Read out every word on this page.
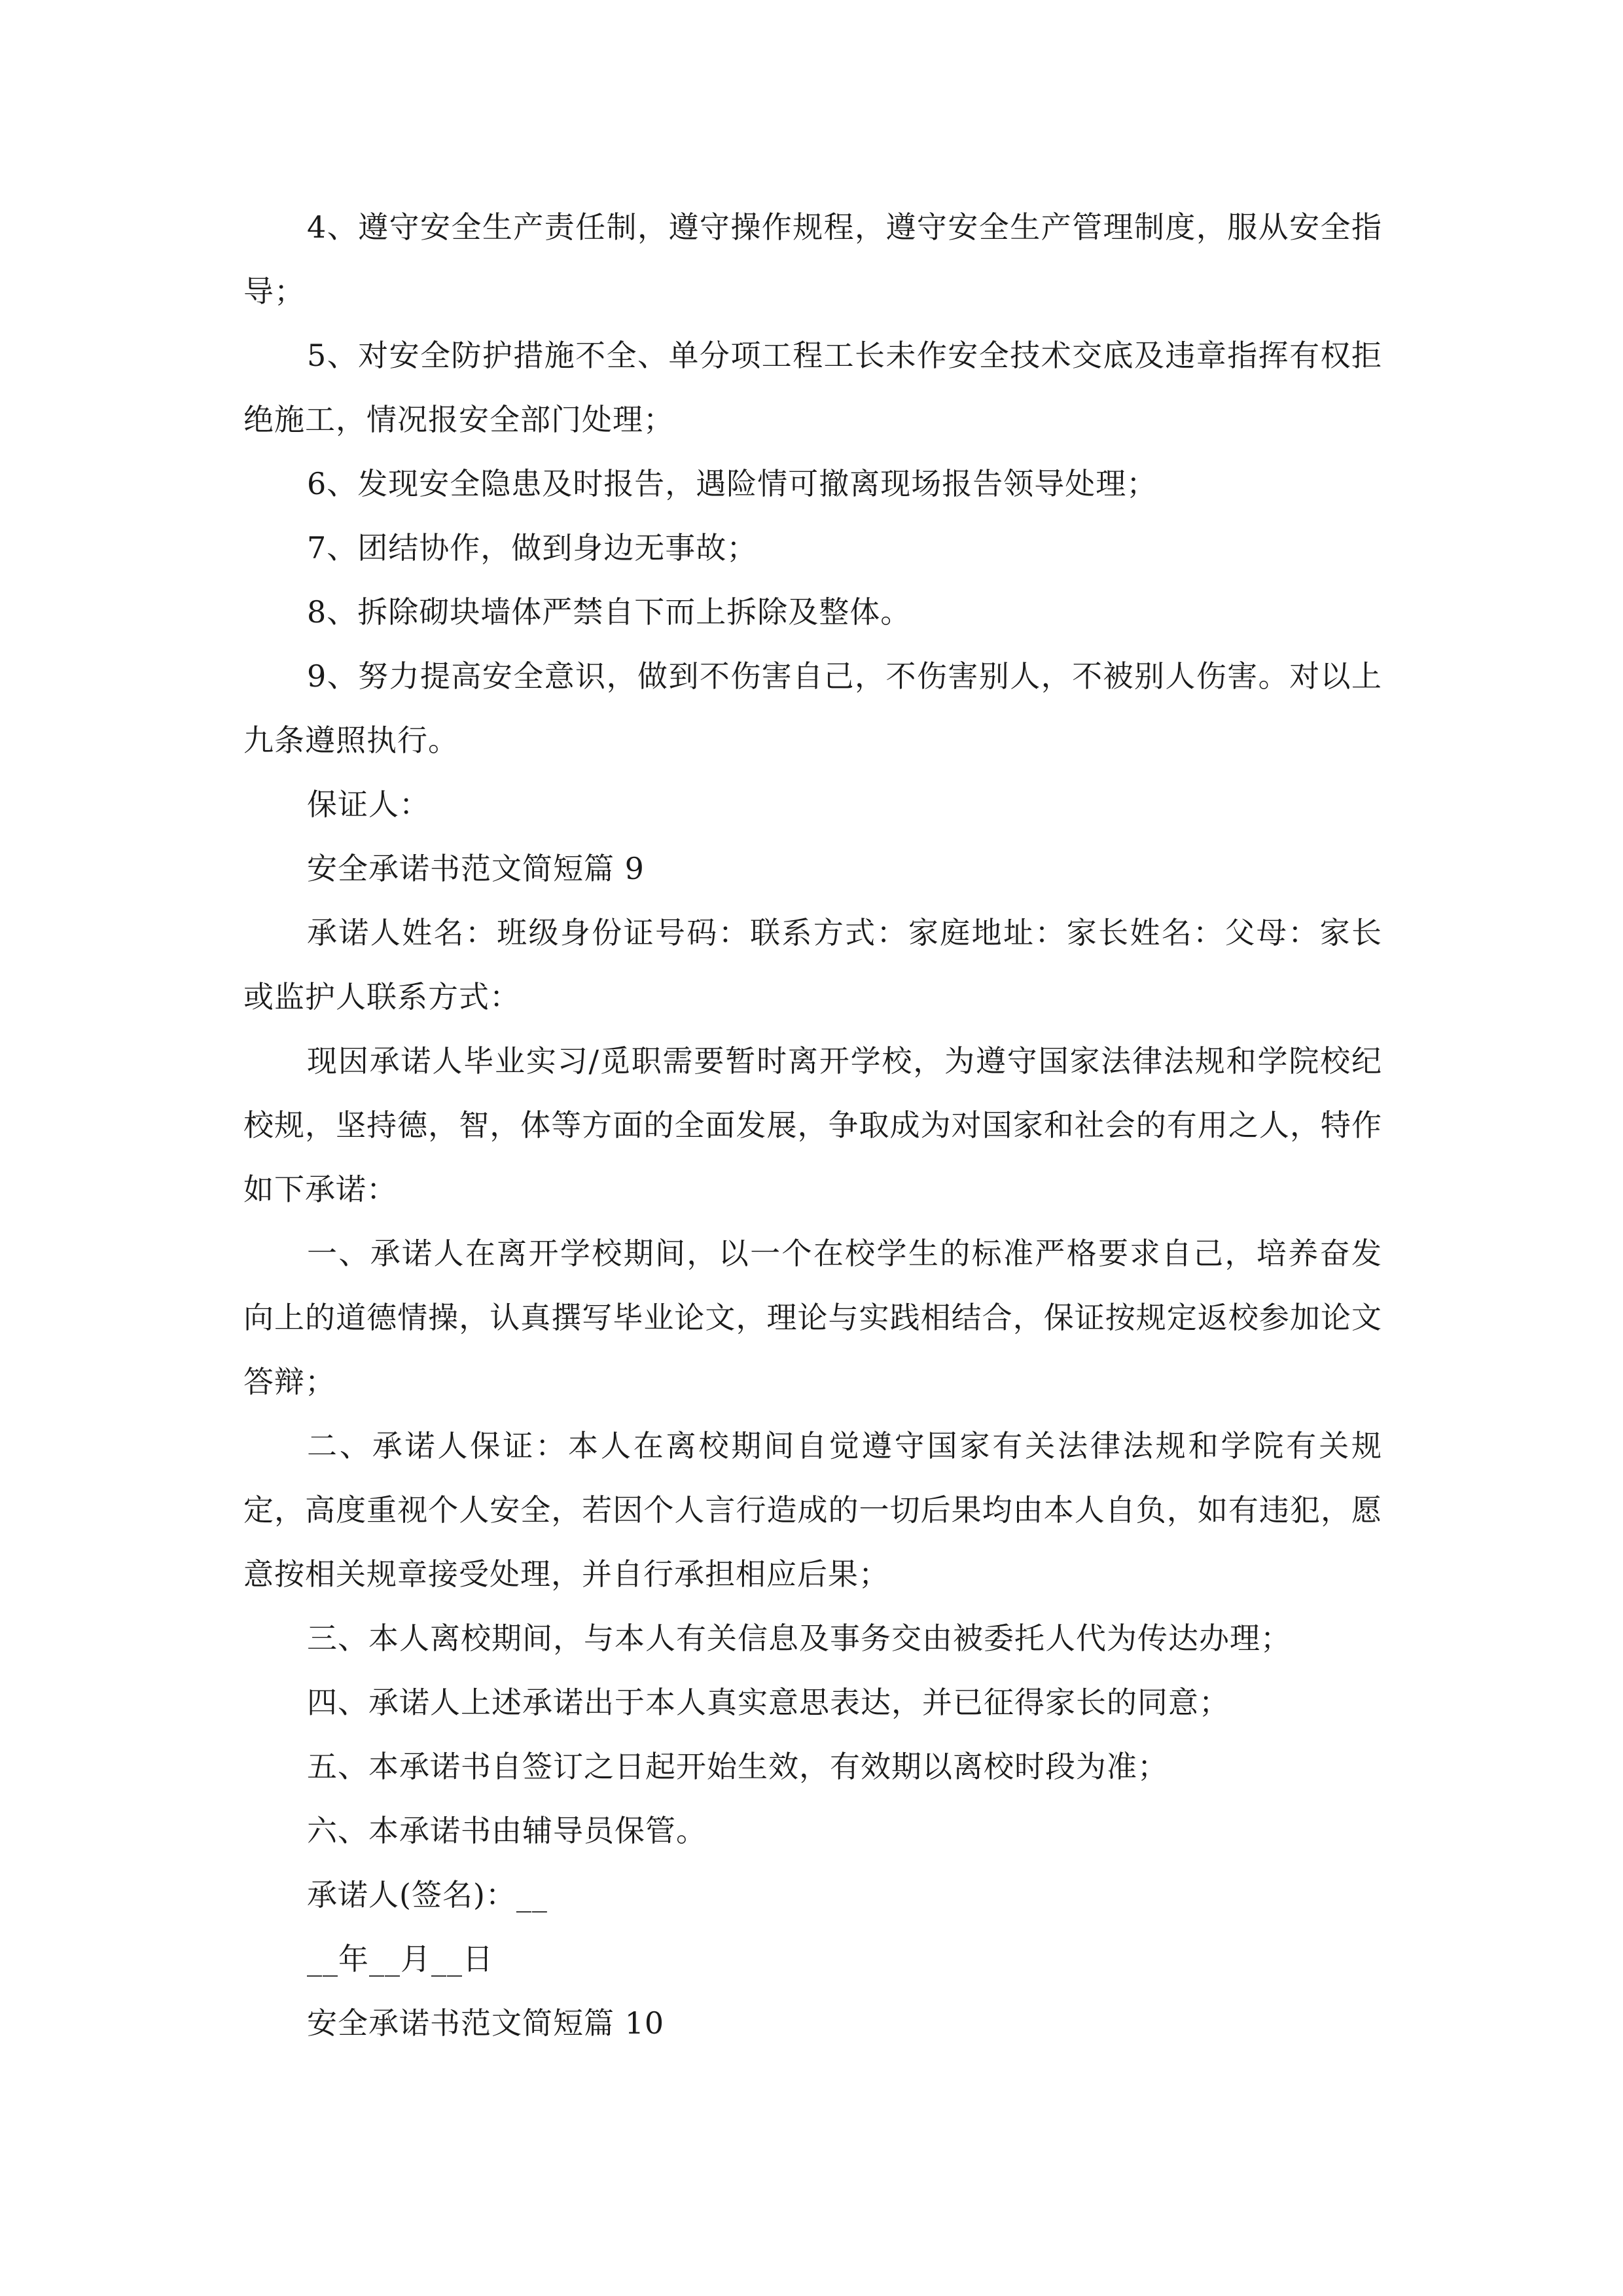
4、遵守安全生产责任制，遵守操作规程，遵守安全生产管理制度，服从安全指导；

5、对安全防护措施不全、单分项工程工长未作安全技术交底及违章指挥有权拒绝施工，情况报安全部门处理；

6、发现安全隐患及时报告，遇险情可撤离现场报告领导处理；

7、团结协作，做到身边无事故；

8、拆除砌块墙体严禁自下而上拆除及整体。

9、努力提高安全意识，做到不伤害自己，不伤害别人，不被别人伤害。对以上九条遵照执行。

保证人：

安全承诺书范文简短篇 9

承诺人姓名：班级身份证号码：联系方式：家庭地址：家长姓名：父母：家长或监护人联系方式：

现因承诺人毕业实习/觅职需要暂时离开学校，为遵守国家法律法规和学院校纪校规，坚持德，智，体等方面的全面发展，争取成为对国家和社会的有用之人，特作如下承诺：

一、承诺人在离开学校期间，以一个在校学生的标准严格要求自己，培养奋发向上的道德情操，认真撰写毕业论文，理论与实践相结合，保证按规定返校参加论文答辩；

二、承诺人保证：本人在离校期间自觉遵守国家有关法律法规和学院有关规定，高度重视个人安全，若因个人言行造成的一切后果均由本人自负，如有违犯，愿意按相关规章接受处理，并自行承担相应后果；

三、本人离校期间，与本人有关信息及事务交由被委托人代为传达办理；

四、承诺人上述承诺出于本人真实意思表达，并已征得家长的同意；

五、本承诺书自签订之日起开始生效，有效期以离校时段为准；

六、本承诺书由辅导员保管。

承诺人(签名)：__

__年__月__日

安全承诺书范文简短篇 10
